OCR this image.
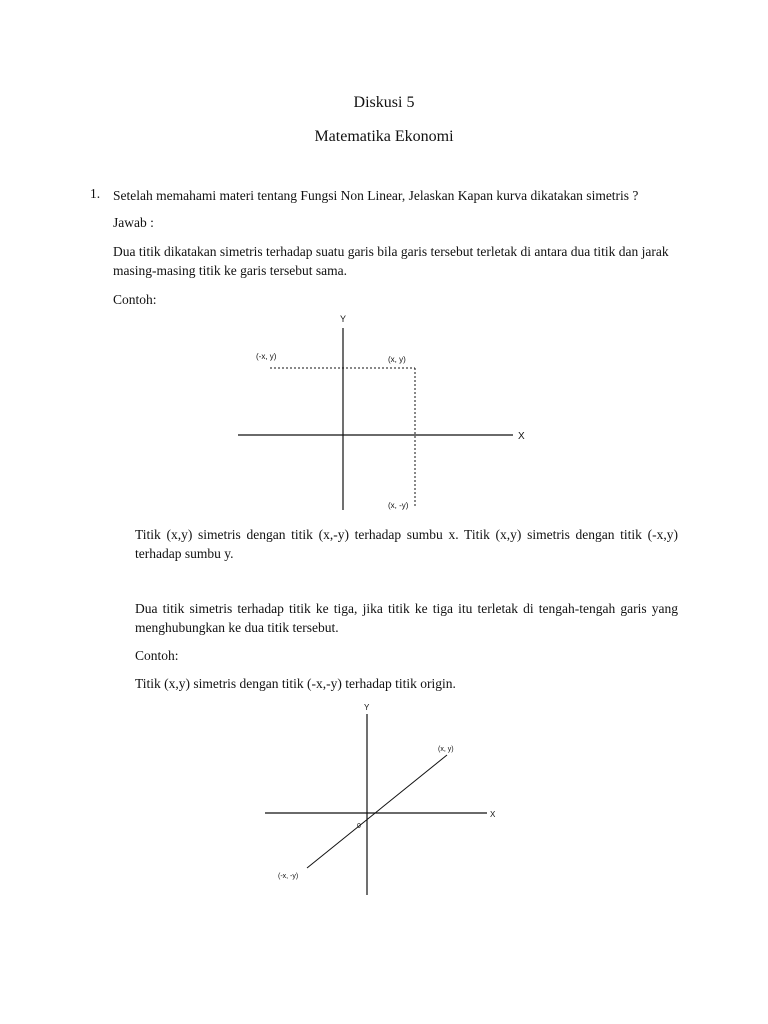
Diskusi 5
Matematika Ekonomi
1. Setelah memahami materi tentang Fungsi Non Linear, Jelaskan Kapan kurva dikatakan simetris ?

Jawab :

Dua titik dikatakan simetris terhadap suatu garis bila garis tersebut terletak di antara dua titik dan jarak masing-masing titik ke garis tersebut sama.

Contoh:

Y
X
(-x, y)	(x, y)
(x, -y)

Titik (x,y) simetris dengan titik (x,-y) terhadap sumbu x. Titik (x,y) simetris dengan titik (-x,y) terhadap sumbu y.

Dua titik simetris terhadap titik ke tiga, jika titik ke tiga itu terletak di tengah-tengah garis yang menghubungkan ke dua titik tersebut.

Contoh:

Titik (x,y) simetris dengan titik (-x,-y) terhadap titik origin.

Y
X
0
(x, y)
(-x, -y)
